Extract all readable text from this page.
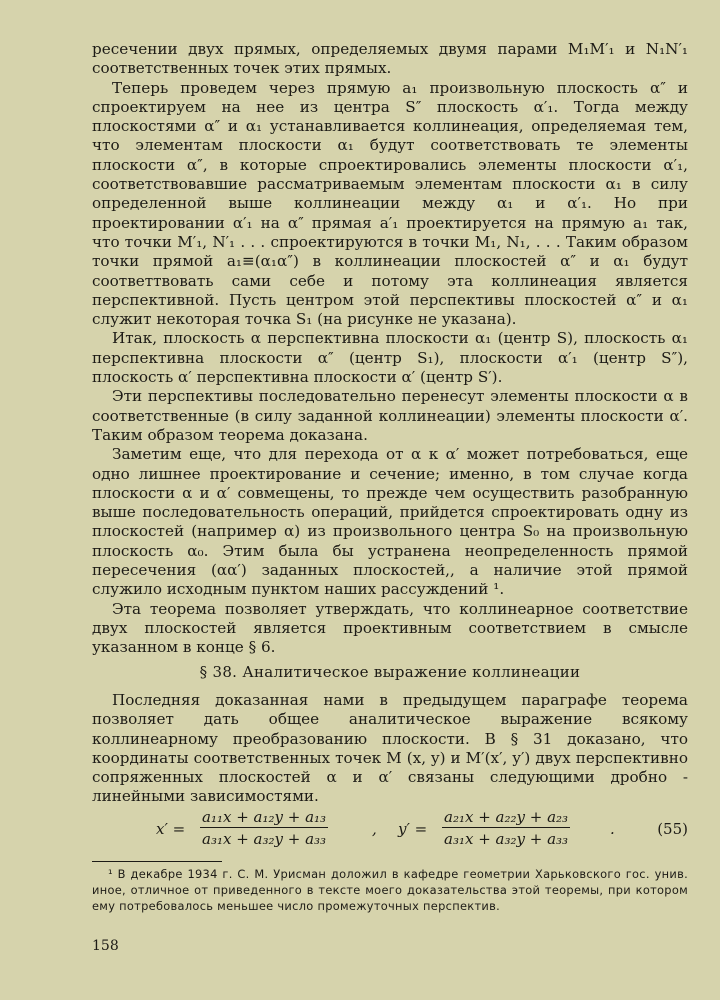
ресечении двух прямых, определяемых двумя парами M₁M′₁ и N₁N′₁ соответственных точек этих прямых.

Теперь проведем через прямую a₁ произвольную плоскость α″ и спроектируем на нее из центра S″ плоскость α′₁. Тогда между плоскостями α″ и α₁ устанавливается коллинеация, определяемая тем, что элементам плоскости α₁ будут соответствовать те элементы плоскости α″, в которые спроектировались элементы плоскости α′₁, соответствовавшие рассматриваемым элементам плоскости α₁ в силу определенной выше коллинеации между α₁ и α′₁. Но при проектировании α′₁ на α″ прямая a′₁ проектируется на прямую a₁ так, что точки M′₁, N′₁ . . . спроектируются в точки M₁, N₁, . . . Таким образом точки прямой a₁≡(α₁α″) в коллинеации плоскостей α″ и α₁ будут соответтвовать сами себе и потому эта коллинеация является перспективной. Пусть центром этой перспективы плоскостей α″ и α₁ служит некоторая точка S₁ (на рисунке не указана).

Итак, плоскость α перспективна плоскости α₁ (центр S), плоскость α₁ перспективна плоскости α″ (центр S₁), плоскости α′₁ (центр S″), плоскость α′ перспективна плоскости α′ (центр S′).

Эти перспективы последовательно перенесут элементы плоскости α в соответственные (в силу заданной коллинеации) элементы плоскости α′. Таким образом теорема доказана.

Заметим еще, что для перехода от α к α′ может потребоваться, еще одно лишнее проектирование и сечение; именно, в том случае когда плоскости α и α′ совмещены, то прежде чем осуществить разобранную выше последовательность операций, прийдется спроектировать одну из плоскостей (например α) из произвольного центра S₀ на произвольную плоскость α₀. Этим была бы устранена неопределенность прямой пересечения (αα′) заданных плоскостей,, а наличие этой прямой служило исходным пунктом наших рассуждений ¹.

Эта теорема позволяет утверждать, что коллинеарное соответствие двух плоскостей является проективным соответствием в смысле указанном в конце § 6.

§ 38. Аналитическое выражение коллинеации

Последняя доказанная нами в предыдущем параграфе теорема позволяет дать общее аналитическое выражение всякому коллинеарному преобразованию плоскости. В § 31 доказано, что координаты соответственных точек M (x, y) и M′(x′, y′) двух перспективно сопряженных плоскостей α и α′ связаны следующими дробно - линейными зависимостями.

$x' = \frac{\text{a₁₁x + a₁₂y + a₁₃}}{\text{a₃₁x + a₃₂y + a₃₃}}$	, $y' = \frac{\text{a₂₁x + a₂₂y + a₂₃}}{\text{a₃₁x + a₃₂y + a₃₃}}$	.	(55)

¹ В декабре 1934 г. С. М. Урисман доложил в кафедре геометрии Харьковского гос. унив. иное, отличное от приведенного в тексте моего доказательства этой теоремы, при котором ему потребовалось меньшее число промежуточных перспектив.

158
